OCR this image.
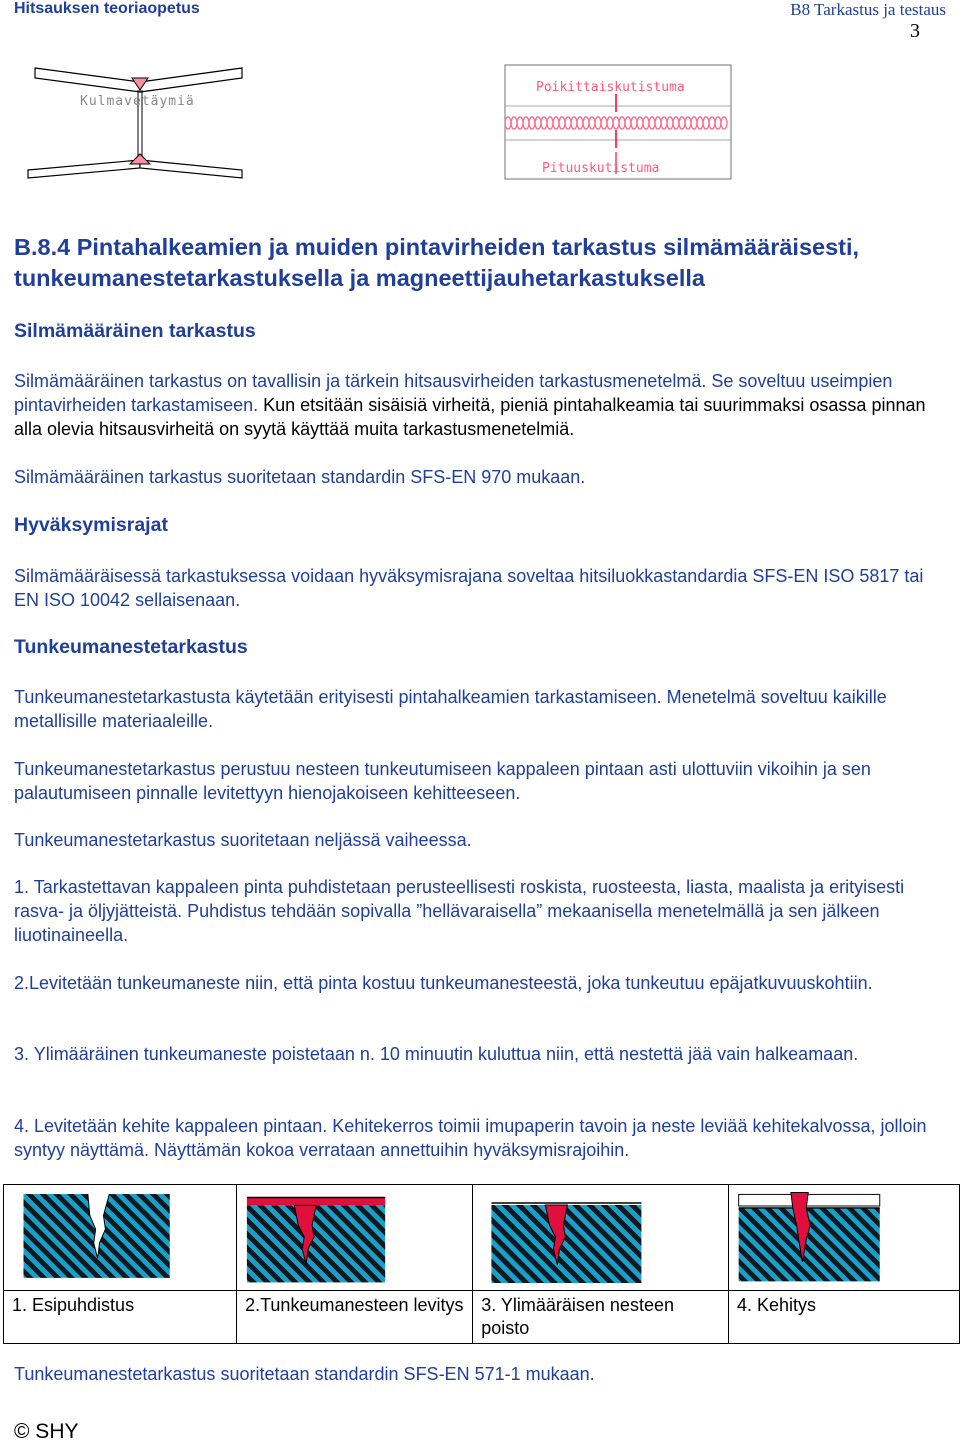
Hitsauksen teoriaopetus	B8 Tarkastus ja testaus
3
Kulmavetäymiä
Poikittaiskutistuma
Pituuskutistuma
B.8.4 Pintahalkeamien ja muiden pintavirheiden tarkastus silmämääräisesti, tunkeumanestetarkastuksella ja magneettijauhetarkastuksella
Silmämääräinen tarkastus
Silmämääräinen tarkastus on tavallisin ja tärkein hitsausvirheiden tarkastusmenetelmä. Se soveltuu useimpien pintavirheiden tarkastamiseen. Kun etsitään sisäisiä virheitä, pieniä pintahalkeamia tai suurimmaksi osassa pinnan alla olevia hitsausvirheitä on syytä käyttää muita tarkastusmenetelmiä.
Silmämääräinen tarkastus suoritetaan standardin SFS-EN 970 mukaan.
Hyväksymisrajat
Silmämääräisessä tarkastuksessa voidaan hyväksymisrajana soveltaa hitsiluokkastandardia SFS-EN ISO 5817 tai EN ISO 10042 sellaisenaan.
Tunkeumanestetarkastus
Tunkeumanestetarkastusta käytetään erityisesti pintahalkeamien tarkastamiseen. Menetelmä soveltuu kaikille metallisille materiaaleille.
Tunkeumanestetarkastus perustuu nesteen tunkeutumiseen kappaleen pintaan asti ulottuviin vikoihin ja sen palautumiseen pinnalle levitettyyn hienojakoiseen kehitteeseen.
Tunkeumanestetarkastus suoritetaan neljässä vaiheessa.
1. Tarkastettavan kappaleen pinta puhdistetaan perusteellisesti roskista, ruosteesta, liasta, maalista ja erityisesti rasva- ja öljyjätteistä. Puhdistus tehdään sopivalla ”hellävaraisella” mekaanisella menetelmällä ja sen jälkeen liuotinaineella.
2.Levitetään tunkeumaneste niin, että pinta kostuu tunkeumanesteestä, joka tunkeutuu epäjatkuvuuskohtiin.
3. Ylimääräinen tunkeumaneste poistetaan n. 10 minuutin kuluttua niin, että nestettä jää vain halkeamaan.
4. Levitetään kehite kappaleen pintaan. Kehitekerros toimii imupaperin tavoin ja neste leviää kehitekalvossa, jolloin syntyy näyttämä. Näyttämän kokoa verrataan annettuihin hyväksymisrajoihin.

1. Esipuhdistus	2.Tunkeumanesteen levitys	3. Ylimääräisen nesteen poisto	4. Kehitys
Tunkeumanestetarkastus suoritetaan standardin SFS-EN 571-1 mukaan.
© SHY
